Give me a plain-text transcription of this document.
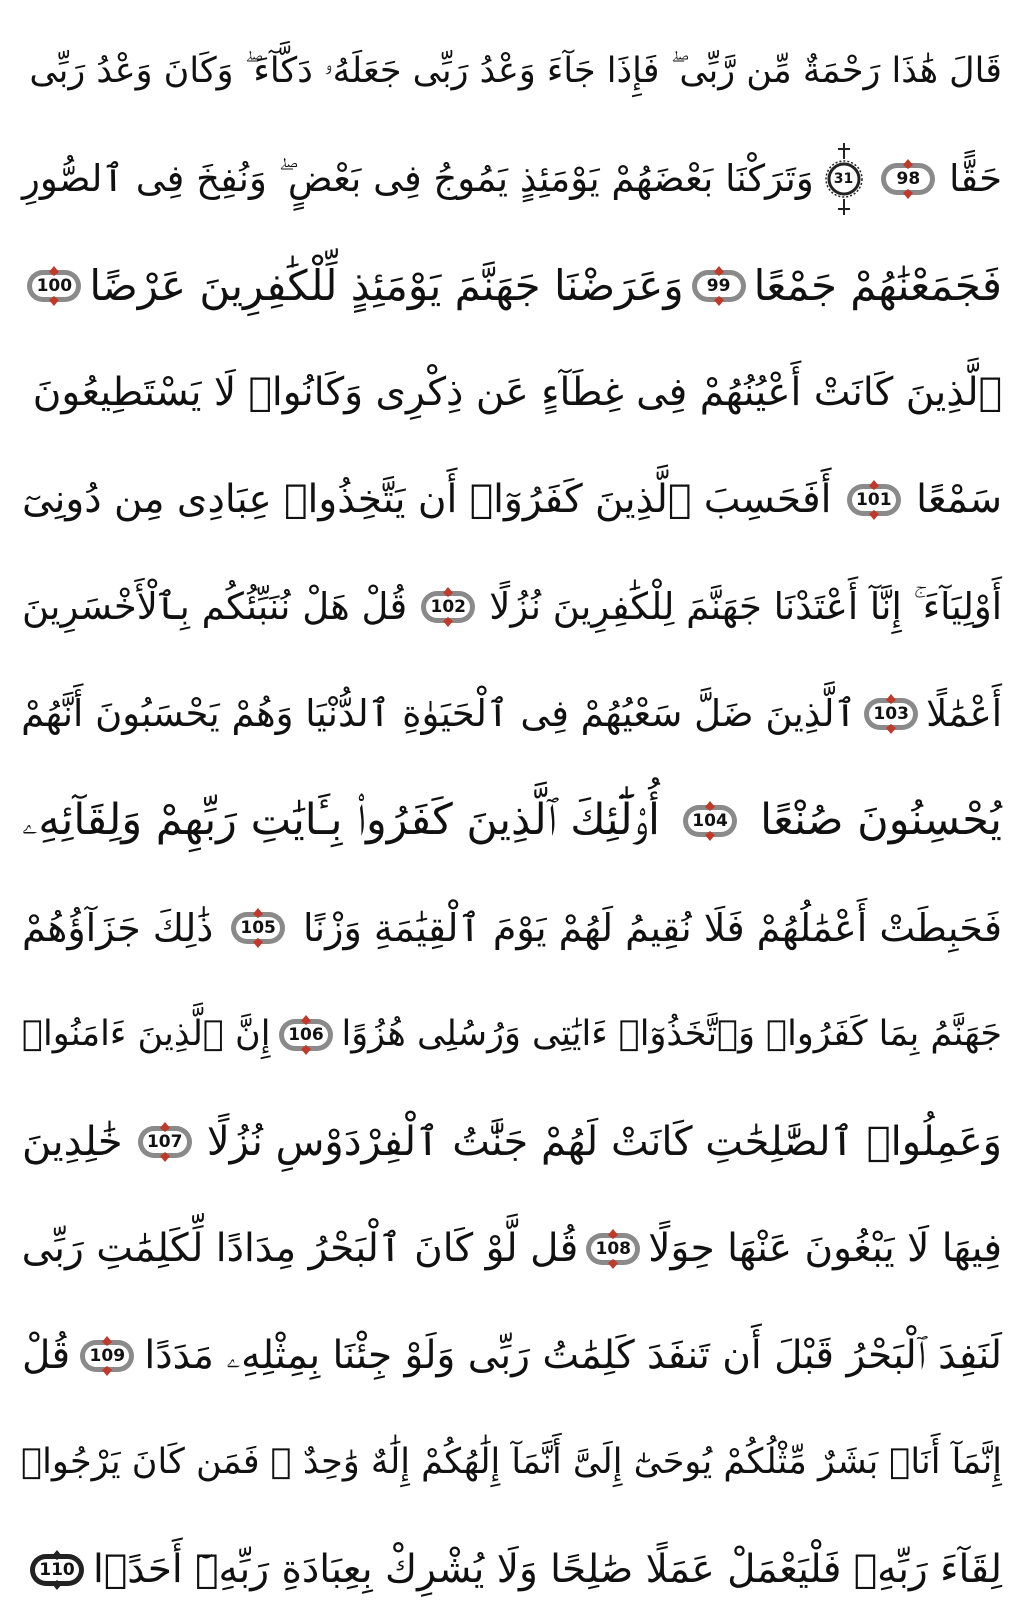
قَالَ هَٰذَا رَحْمَةٌ مِّن رَّبِّى ۖ فَإِذَا جَآءَ وَعْدُ رَبِّى جَعَلَهُۥ دَكَّآءَ ۖ وَكَانَ وَعْدُ رَبِّى
حَقًّا
98
31
وَتَرَكْنَا بَعْضَهُمْ يَوْمَئِذٍ يَمُوجُ فِى بَعْضٍ ۖ وَنُفِخَ فِى ٱلصُّورِ
فَجَمَعْنَٰهُمْ جَمْعًا
99
وَعَرَضْنَا جَهَنَّمَ يَوْمَئِذٍ لِّلْكَٰفِرِينَ عَرْضًا
100
ٱلَّذِينَ كَانَتْ أَعْيُنُهُمْ فِى غِطَآءٍ عَن ذِكْرِى وَكَانُوا۟ لَا يَسْتَطِيعُونَ
سَمْعًا
101
أَفَحَسِبَ ٱلَّذِينَ كَفَرُوٓا۟ أَن يَتَّخِذُوا۟ عِبَادِى مِن دُونِىٓ
أَوْلِيَآءَ ۚ إِنَّآ أَعْتَدْنَا جَهَنَّمَ لِلْكَٰفِرِينَ نُزُلًا
102
قُلْ هَلْ نُنَبِّئُكُم بِٱلْأَخْسَرِينَ
أَعْمَٰلًا
103
ٱلَّذِينَ ضَلَّ سَعْيُهُمْ فِى ٱلْحَيَوٰةِ ٱلدُّنْيَا وَهُمْ يَحْسَبُونَ أَنَّهُمْ
يُحْسِنُونَ صُنْعًا
104
أُو۟لَٰٓئِكَ ٱلَّذِينَ كَفَرُوا۟ بِـَٔايَٰتِ رَبِّهِمْ وَلِقَآئِهِۦ
فَحَبِطَتْ أَعْمَٰلُهُمْ فَلَا نُقِيمُ لَهُمْ يَوْمَ ٱلْقِيَٰمَةِ وَزْنًا
105
ذَٰلِكَ جَزَآؤُهُمْ
جَهَنَّمُ بِمَا كَفَرُوا۟ وَٱتَّخَذُوٓا۟ ءَايَٰتِى وَرُسُلِى هُزُوًا
106
إِنَّ ٱلَّذِينَ ءَامَنُوا۟
وَعَمِلُوا۟ ٱلصَّٰلِحَٰتِ كَانَتْ لَهُمْ جَنَّٰتُ ٱلْفِرْدَوْسِ نُزُلًا
107
خَٰلِدِينَ
فِيهَا لَا يَبْغُونَ عَنْهَا حِوَلًا
108
قُل لَّوْ كَانَ ٱلْبَحْرُ مِدَادًا لِّكَلِمَٰتِ رَبِّى
لَنَفِدَ ٱلْبَحْرُ قَبْلَ أَن تَنفَدَ كَلِمَٰتُ رَبِّى وَلَوْ جِئْنَا بِمِثْلِهِۦ مَدَدًا
109
قُلْ
إِنَّمَآ أَنَا۠ بَشَرٌ مِّثْلُكُمْ يُوحَىٰٓ إِلَىَّ أَنَّمَآ إِلَٰهُكُمْ إِلَٰهٌ وَٰحِدٌ ۖ فَمَن كَانَ يَرْجُوا۟
لِقَآءَ رَبِّهِۦ فَلْيَعْمَلْ عَمَلًا صَٰلِحًا وَلَا يُشْرِكْ بِعِبَادَةِ رَبِّهِۦٓ أَحَدًۢا
110
